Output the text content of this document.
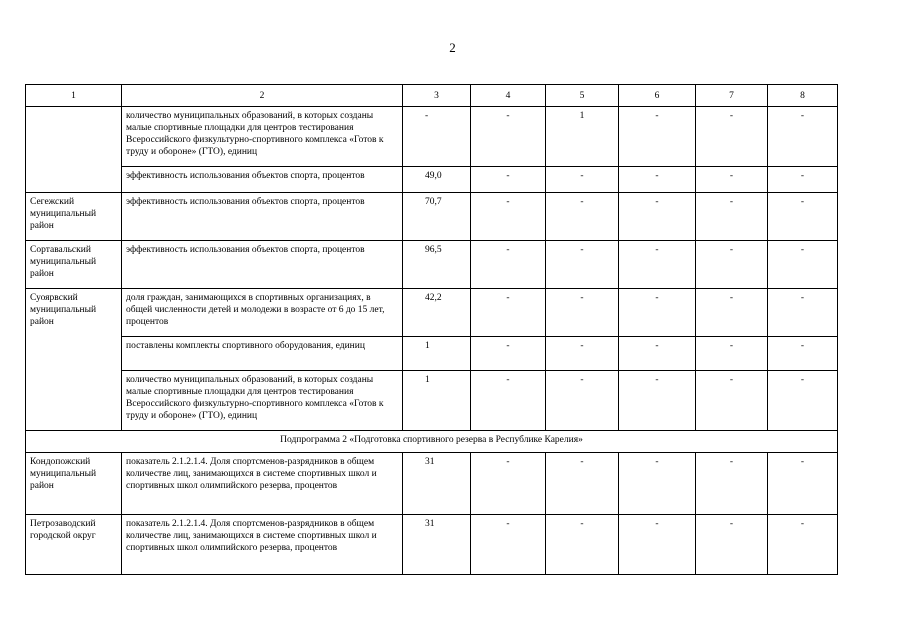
2
1	2	3	4	5	6	7	8
	количество муниципальных образований, в которых созданы малые спортивные площадки для центров тестирования Всероссийского физкультурно-спортивного комплекса «Готов к труду и обороне» (ГТО), единиц	-	-	1	-	-	-
	эффективность использования объектов спорта, процентов	49,0	-	-	-	-	-
Сегежский муниципальный район	эффективность использования объектов спорта, процентов	70,7	-	-	-	-	-
Сортавальский муниципальный район	эффективность использования объектов спорта, процентов	96,5	-	-	-	-	-
Суоярвский муниципальный район	доля граждан, занимающихся в спортивных организациях, в общей численности детей и молодежи в возрасте от 6 до 15 лет, процентов	42,2	-	-	-	-	-
	поставлены комплекты спортивного оборудования, единиц	1	-	-	-	-	-
	количество муниципальных образований, в которых созданы малые спортивные площадки для центров тестирования Всероссийского физкультурно-спортивного комплекса «Готов к труду и обороне» (ГТО), единиц	1	-	-	-	-	-
Подпрограмма 2 «Подготовка спортивного резерва в Республике Карелия»							
Кондопожский муниципальный район	показатель 2.1.2.1.4. Доля спортсменов-разрядников в общем количестве лиц, занимающихся в системе спортивных школ и спортивных школ олимпийского резерва, процентов	31	-	-	-	-	-
Петрозаводский городской округ	показатель 2.1.2.1.4. Доля спортсменов-разрядников в общем количестве лиц, занимающихся в системе спортивных школ и спортивных школ олимпийского резерва, процентов	31	-	-	-	-	-
